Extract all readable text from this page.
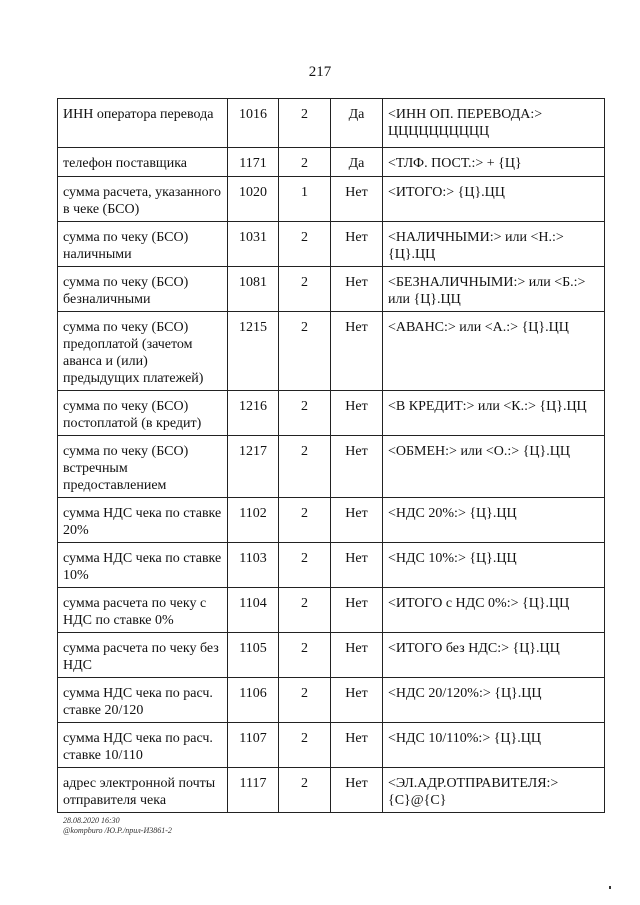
217
ИНН оператора перевода	1016	2	Да	<ИНН ОП. ПЕРЕВОДА:> ЦЦЦЦЦЦЦЦЦЦ
телефон поставщика	1171	2	Да	<ТЛФ. ПОСТ.:> + {Ц}
сумма расчета, указанного в чеке (БСО)	1020	1	Нет	<ИТОГО:> {Ц}.ЦЦ
сумма по чеку (БСО) наличными	1031	2	Нет	<НАЛИЧНЫМИ:> или <Н.:> {Ц}.ЦЦ
сумма по чеку (БСО) безналичными	1081	2	Нет	<БЕЗНАЛИЧНЫМИ:> или <Б.:> или {Ц}.ЦЦ
сумма по чеку (БСО) предоплатой (зачетом аванса и (или) предыдущих платежей)	1215	2	Нет	<АВАНС:> или <А.:> {Ц}.ЦЦ
сумма по чеку (БСО) постоплатой (в кредит)	1216	2	Нет	<В КРЕДИТ:> или <К.:> {Ц}.ЦЦ
сумма по чеку (БСО) встречным предоставлением	1217	2	Нет	<ОБМЕН:> или <О.:> {Ц}.ЦЦ
сумма НДС чека по ставке 20%	1102	2	Нет	<НДС 20%:> {Ц}.ЦЦ
сумма НДС чека по ставке 10%	1103	2	Нет	<НДС 10%:> {Ц}.ЦЦ
сумма расчета по чеку с НДС по ставке 0%	1104	2	Нет	<ИТОГО с НДС 0%:> {Ц}.ЦЦ
сумма расчета по чеку без НДС	1105	2	Нет	<ИТОГО без НДС:> {Ц}.ЦЦ
сумма НДС чека по расч. ставке 20/120	1106	2	Нет	<НДС 20/120%:> {Ц}.ЦЦ
сумма НДС чека по расч. ставке 10/110	1107	2	Нет	<НДС 10/110%:> {Ц}.ЦЦ
адрес электронной почты отправителя чека	1117	2	Нет	<ЭЛ.АДР.ОТПРАВИТЕЛЯ:> {С}@{С}
28.08.2020 16:30
@kompburo /Ю.Р./прил-И3861-2
